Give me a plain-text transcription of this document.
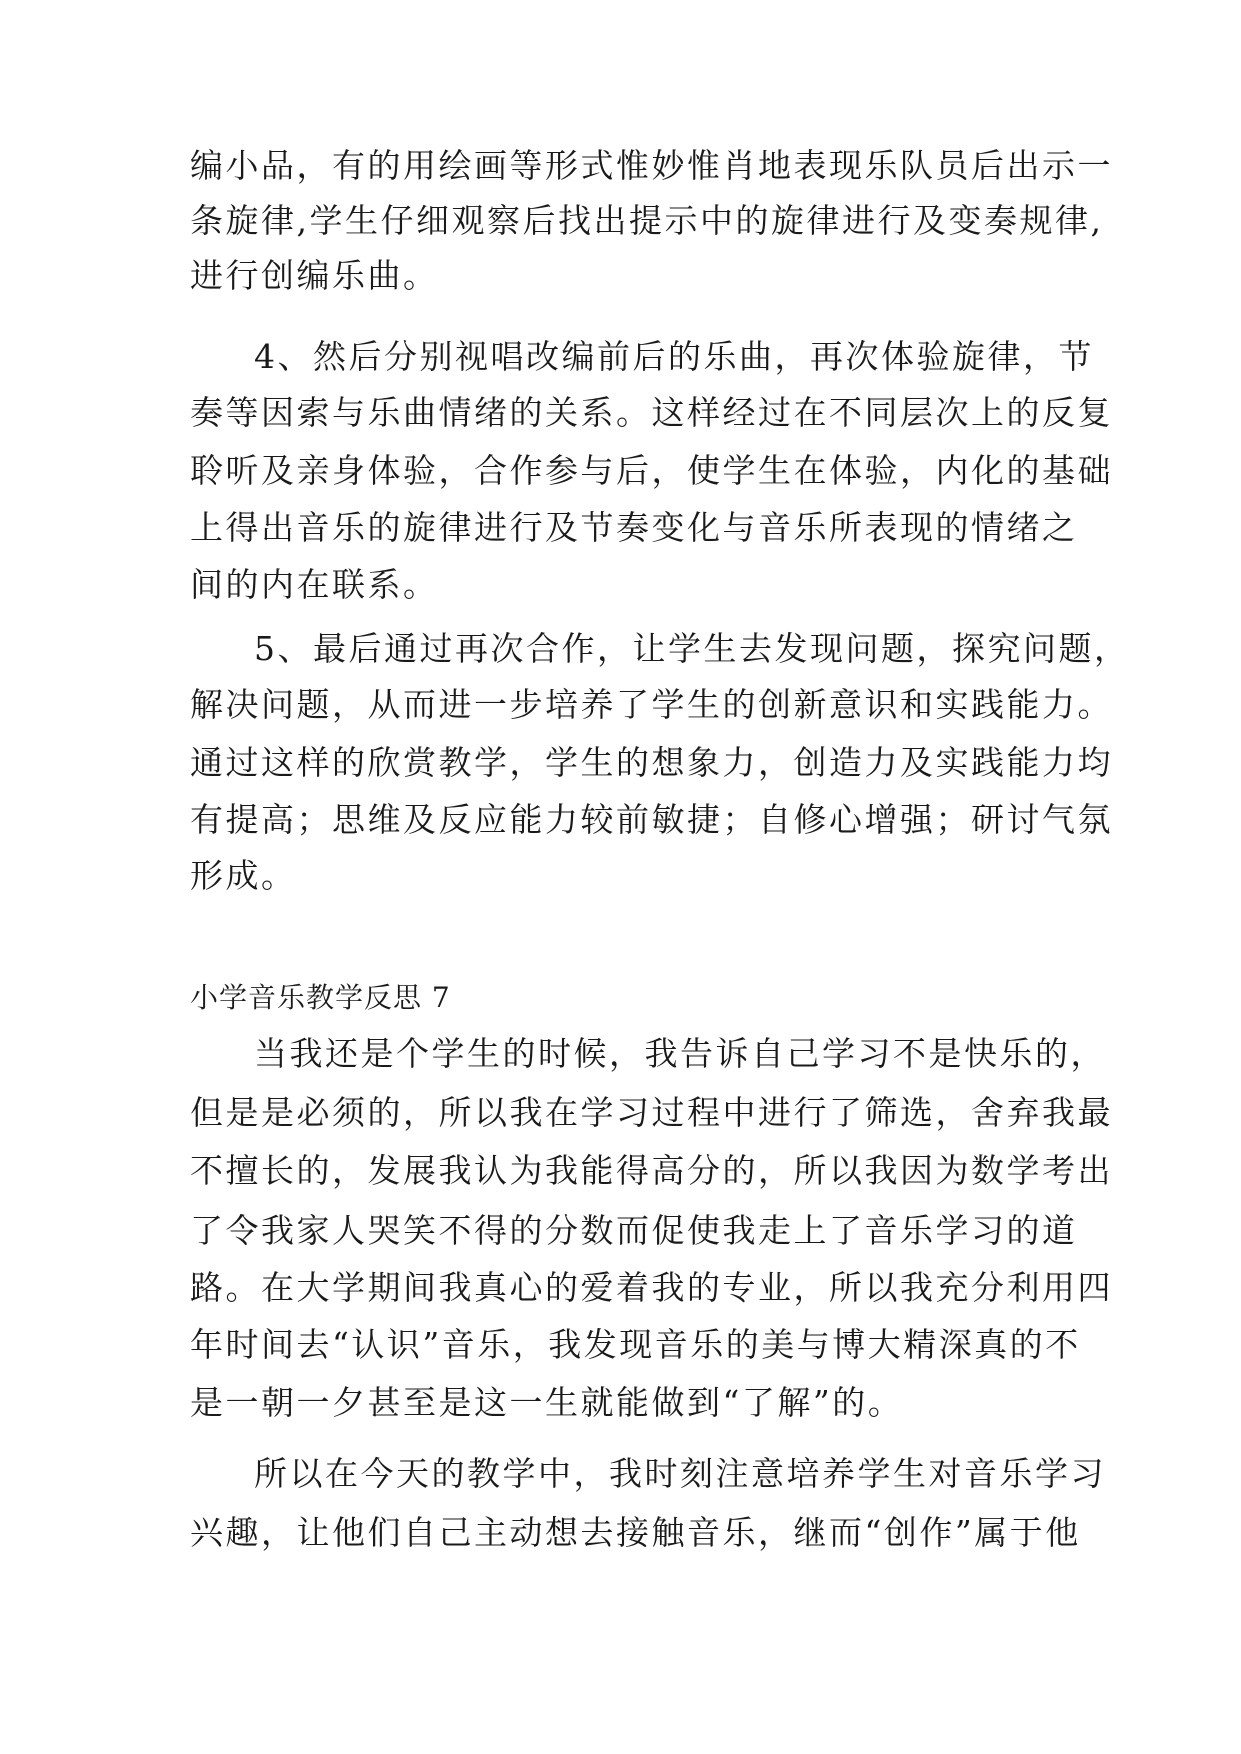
编小品，有的用绘画等形式惟妙惟肖地表现乐队员后出示一
条旋律,学生仔细观察后找出提示中的旋律进行及变奏规律,
进行创编乐曲。
4、然后分别视唱改编前后的乐曲，再次体验旋律，节
奏等因索与乐曲情绪的关系。这样经过在不同层次上的反复
聆听及亲身体验，合作参与后，使学生在体验，内化的基础
上得出音乐的旋律进行及节奏变化与音乐所表现的情绪之
间的内在联系。
5、最后通过再次合作，让学生去发现问题，探究问题，
解决问题，从而进一步培养了学生的创新意识和实践能力。
通过这样的欣赏教学，学生的想象力，创造力及实践能力均
有提高；思维及反应能力较前敏捷；自修心增强；研讨气氛
形成。
小学音乐教学反思 7
当我还是个学生的时候，我告诉自己学习不是快乐的，
但是是必须的，所以我在学习过程中进行了筛选，舍弃我最
不擅长的，发展我认为我能得高分的，所以我因为数学考出
了令我家人哭笑不得的分数而促使我走上了音乐学习的道
路。在大学期间我真心的爱着我的专业，所以我充分利用四
年时间去“认识”音乐，我发现音乐的美与博大精深真的不
是一朝一夕甚至是这一生就能做到“了解”的。
所以在今天的教学中，我时刻注意培养学生对音乐学习
兴趣，让他们自己主动想去接触音乐，继而“创作”属于他
